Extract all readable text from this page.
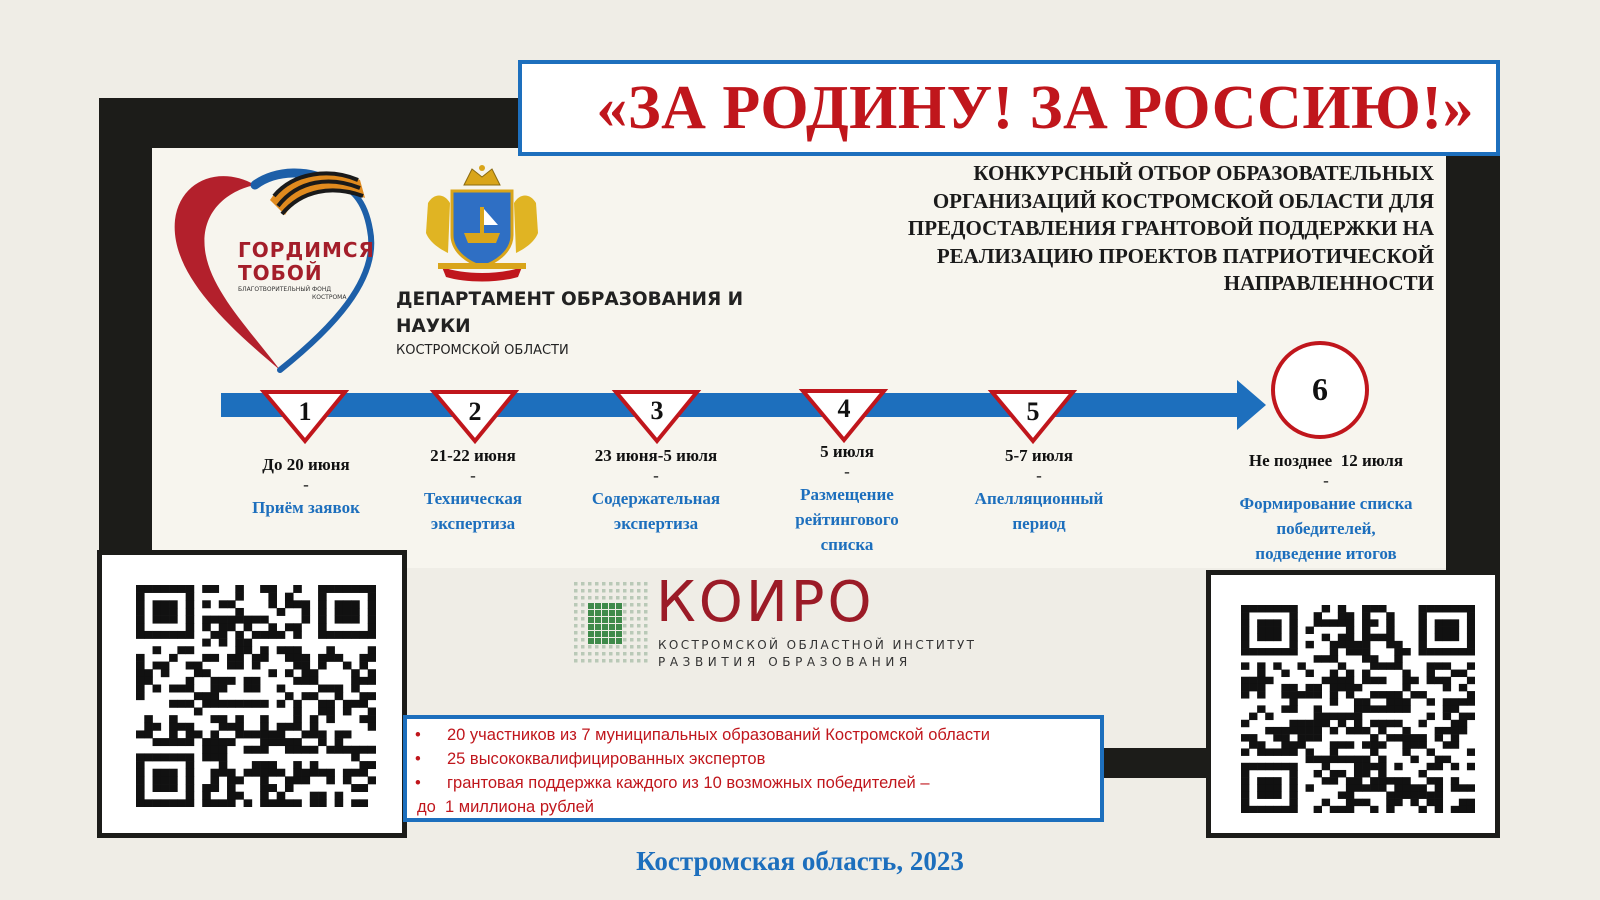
«ЗА РОДИНУ! ЗА РОССИЮ!»
КОНКУРСНЫЙ ОТБОР ОБРАЗОВАТЕЛЬНЫХ
ОРГАНИЗАЦИЙ КОСТРОМСКОЙ ОБЛАСТИ ДЛЯ
ПРЕДОСТАВЛЕНИЯ ГРАНТОВОЙ ПОДДЕРЖКИ НА
РЕАЛИЗАЦИЮ ПРОЕКТОВ ПАТРИОТИЧЕСКОЙ
НАПРАВЛЕННОСТИ
ГОРДИМСЯ
ТОБОЙ
БЛАГОТВОРИТЕЛЬНЫЙ ФОНД
КОСТРОМА	ДЕПАРТАМЕНТ ОБРАЗОВАНИЯ И
НАУКИ
КОСТРОМСКОЙ ОБЛАСТИ
1	2	3	4	5
6
До 20 июня
-
Приём заявок
21-22 июня
-
Техническая
экспертиза
23 июня-5 июля
-
Содержательная
экспертиза
5 июля
-
Размещение
рейтингового
списка
5-7 июля
-
Апелляционный
период
Не позднее  12 июля
-
Формирование списка
победителей,
подведение итогов
КОИРО
КОСТРОМСКОЙ ОБЛАСТНОЙ ИНСТИТУТ
РАЗВИТИЯ ОБРАЗОВАНИЯ
• 20 участников из 7 муниципальных образований Костромской области
• 25 высококвалифицированных экспертов
• грантовая поддержка каждого из 10 возможных победителей –
до  1 миллиона рублей
Костромская область, 2023
